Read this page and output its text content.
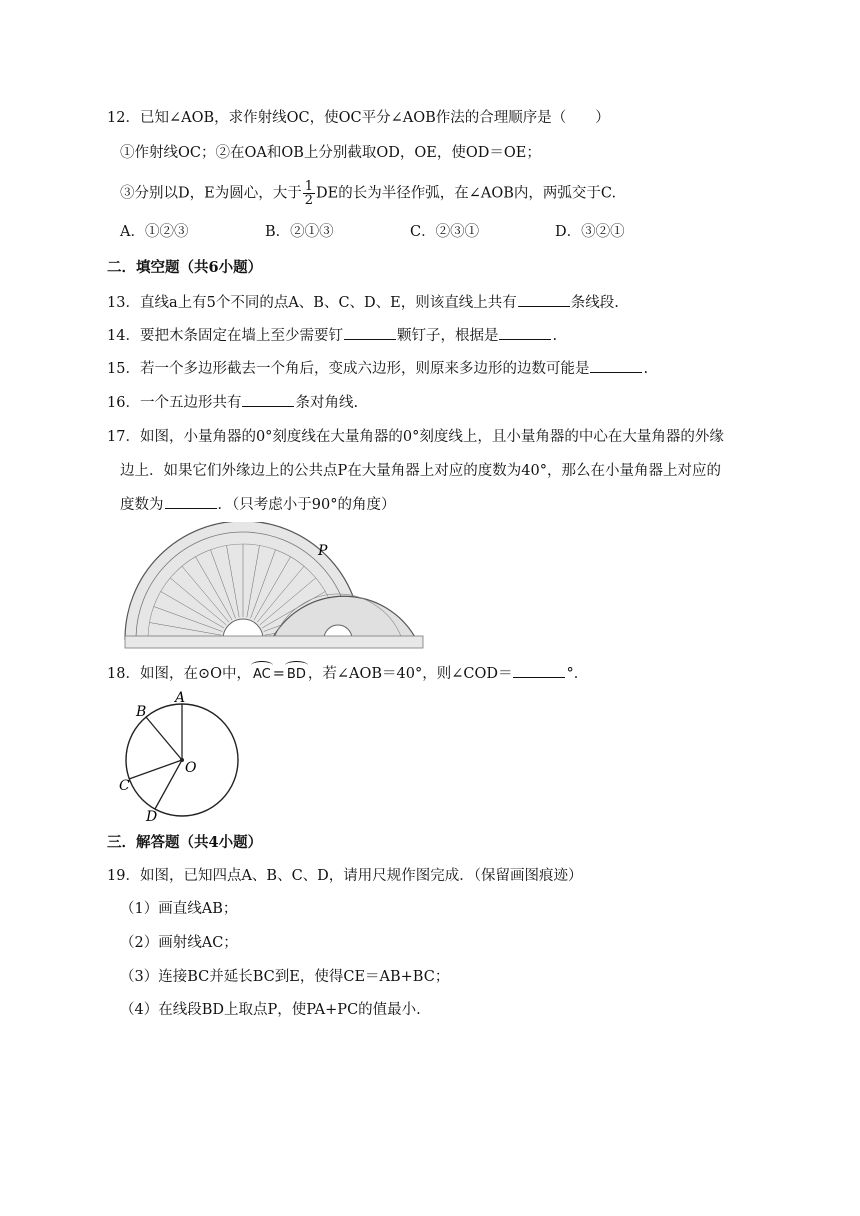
12．已知∠AOB，求作射线OC，使OC平分∠AOB作法的合理顺序是（　　）
①作射线OC；②在OA和OB上分别截取OD，OE，使OD＝OE；
③分别以D，E为圆心，大于 $\frac{1}{2}$ DE的长为半径作弧，在∠AOB内，两弧交于C.
A．①②③	B．②①③	C．②③①	D．③②①
二．填空题（共6小题）
13．直线a上有5个不同的点A、B、C、D、E，则该直线上共有	条线段.
14．要把木条固定在墙上至少需要钉	颗钉子，根据是	.
15．若一个多边形截去一个角后，变成六边形，则原来多边形的边数可能是	.
16．一个五边形共有	条对角线.
17．如图，小量角器的0°刻度线在大量角器的0°刻度线上，且小量角器的中心在大量角器的外缘
边上．如果它们外缘边上的公共点P在大量角器上对应的度数为40°，那么在小量角器上对应的
度数为	．（只考虑小于90°的角度）
P
18．如图，在⊙O中， AC = BD ，若∠AOB＝40°，则∠COD＝	°．
A
B
C
D
O
三．解答题（共4小题）
19．如图，已知四点A、B、C、D，请用尺规作图完成．（保留画图痕迹）
（1）画直线AB；
（2）画射线AC；
（3）连接BC并延长BC到E，使得CE＝AB+BC；
（4）在线段BD上取点P，使PA+PC的值最小.
